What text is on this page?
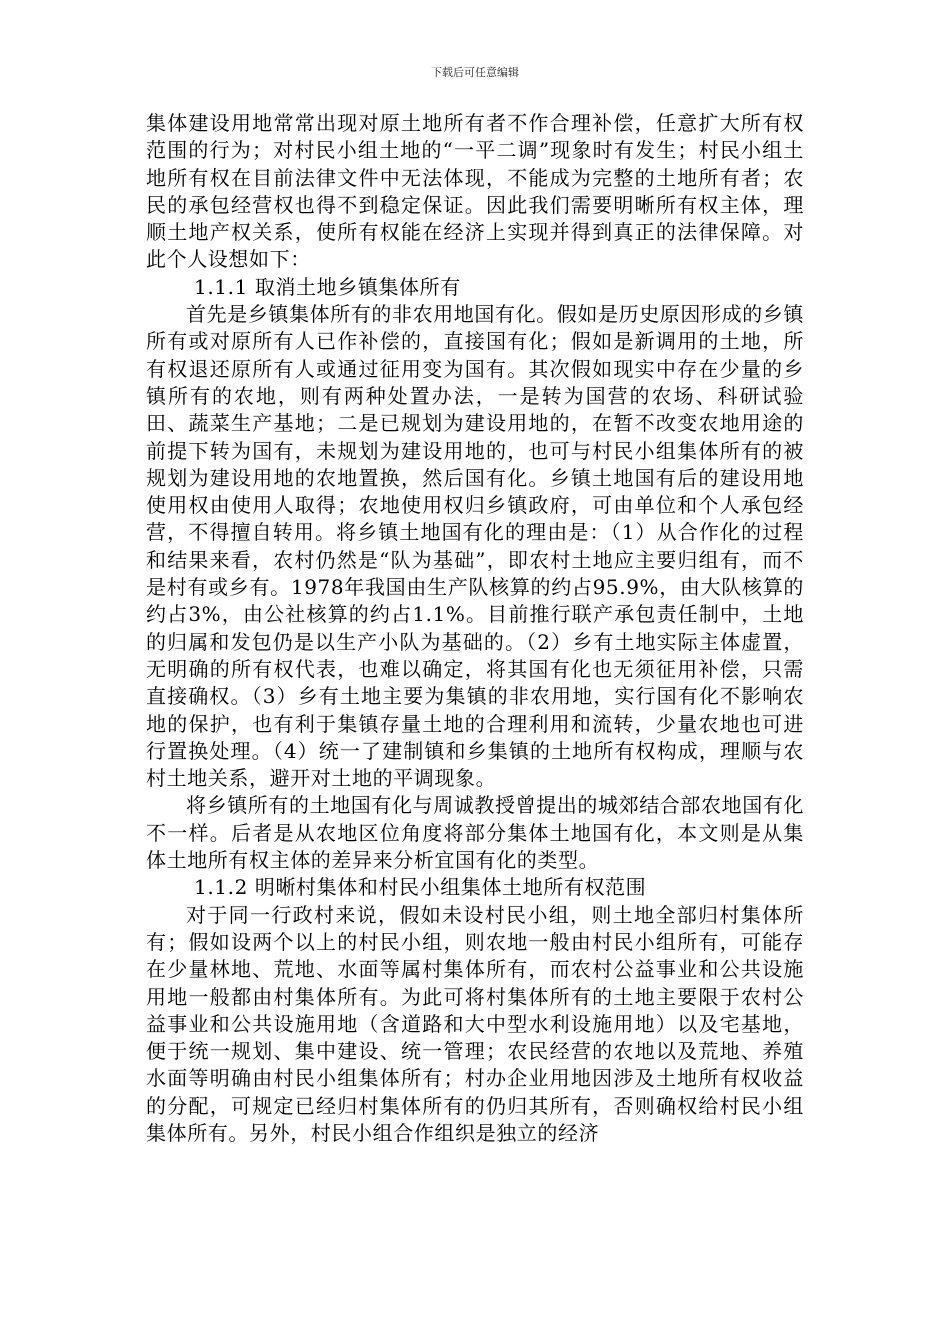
下载后可任意编辑

集体建设用地常常出现对原土地所有者不作合理补偿，任意扩大所有权范围的行为；对村民小组土地的“一平二调”现象时有发生；村民小组土地所有权在目前法律文件中无法体现，不能成为完整的土地所有者；农民的承包经营权也得不到稳定保证。因此我们需要明晰所有权主体，理顺土地产权关系，使所有权能在经济上实现并得到真正的法律保障。对此个人设想如下：

1.1.1 取消土地乡镇集体所有

首先是乡镇集体所有的非农用地国有化。假如是历史原因形成的乡镇所有或对原所有人已作补偿的，直接国有化；假如是新调用的土地，所有权退还原所有人或通过征用变为国有。其次假如现实中存在少量的乡镇所有的农地，则有两种处置办法，一是转为国营的农场、科研试验田、蔬菜生产基地；二是已规划为建设用地的，在暂不改变农地用途的前提下转为国有，未规划为建设用地的，也可与村民小组集体所有的被规划为建设用地的农地置换，然后国有化。乡镇土地国有后的建设用地使用权由使用人取得；农地使用权归乡镇政府，可由单位和个人承包经营，不得擅自转用。将乡镇土地国有化的理由是：（1）从合作化的过程和结果来看，农村仍然是“队为基础”，即农村土地应主要归组有，而不是村有或乡有。1978年我国由生产队核算的约占95.9%，由大队核算的约占3%，由公社核算的约占1.1%。目前推行联产承包责任制中，土地的归属和发包仍是以生产小队为基础的。（2）乡有土地实际主体虚置，无明确的所有权代表，也难以确定，将其国有化也无须征用补偿，只需直接确权。（3）乡有土地主要为集镇的非农用地，实行国有化不影响农地的保护，也有利于集镇存量土地的合理利用和流转，少量农地也可进行置换处理。（4）统一了建制镇和乡集镇的土地所有权构成，理顺与农村土地关系，避开对土地的平调现象。

将乡镇所有的土地国有化与周诚教授曾提出的城郊结合部农地国有化不一样。后者是从农地区位角度将部分集体土地国有化，本文则是从集体土地所有权主体的差异来分析宜国有化的类型。

1.1.2 明晰村集体和村民小组集体土地所有权范围

对于同一行政村来说，假如未设村民小组，则土地全部归村集体所有；假如设两个以上的村民小组，则农地一般由村民小组所有，可能存在少量林地、荒地、水面等属村集体所有，而农村公益事业和公共设施用地一般都由村集体所有。为此可将村集体所有的土地主要限于农村公益事业和公共设施用地（含道路和大中型水利设施用地）以及宅基地，便于统一规划、集中建设、统一管理；农民经营的农地以及荒地、养殖水面等明确由村民小组集体所有；村办企业用地因涉及土地所有权收益的分配，可规定已经归村集体所有的仍归其所有，否则确权给村民小组集体所有。另外，村民小组合作组织是独立的经济
